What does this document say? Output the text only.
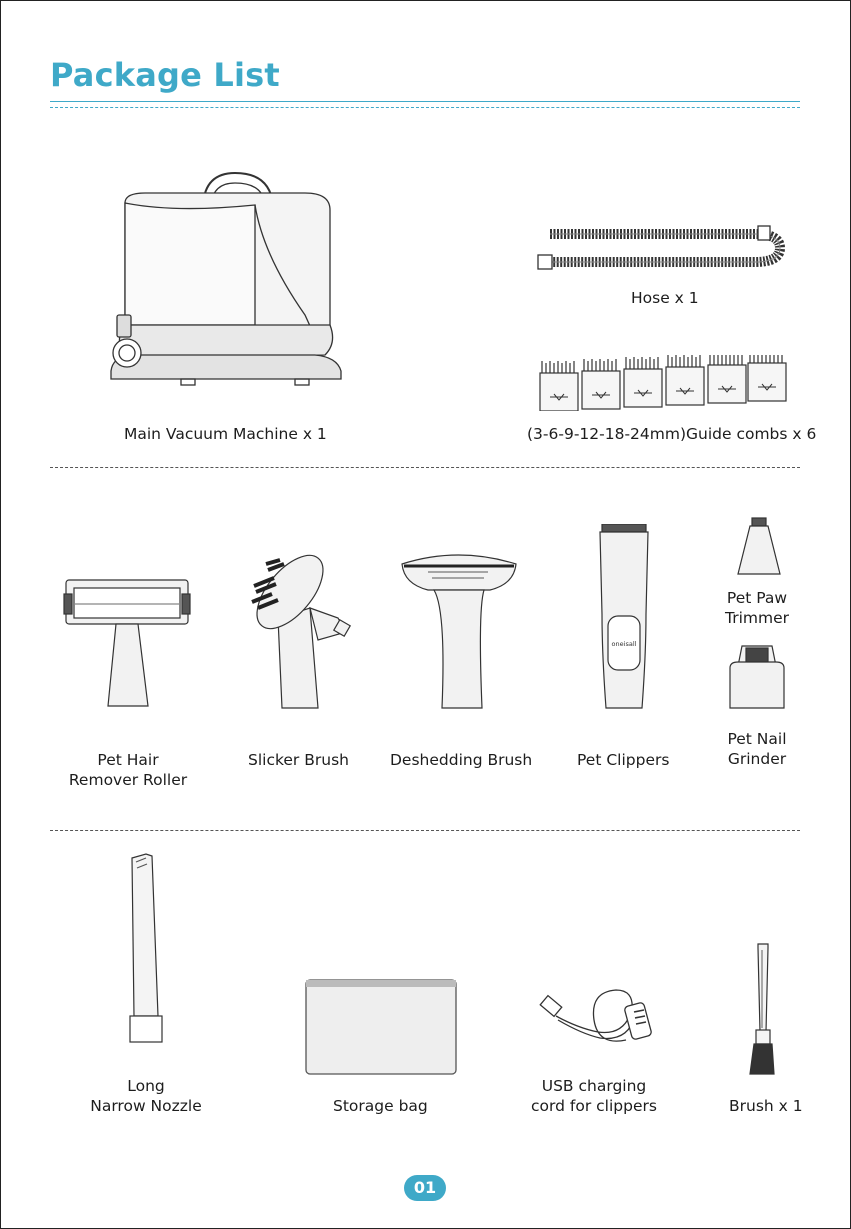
Package List
Main Vacuum Machine x 1
Hose x 1
(3-6-9-12-18-24mm)Guide combs x 6
Pet Hair
Remover Roller
Slicker Brush	Deshedding Brush
oneisall
Pet Clippers
Pet Paw
Trimmer
Pet Nail
Grinder
Long
Narrow Nozzle	Storage bag
USB charging
cord for clippers	Brush x 1
01
